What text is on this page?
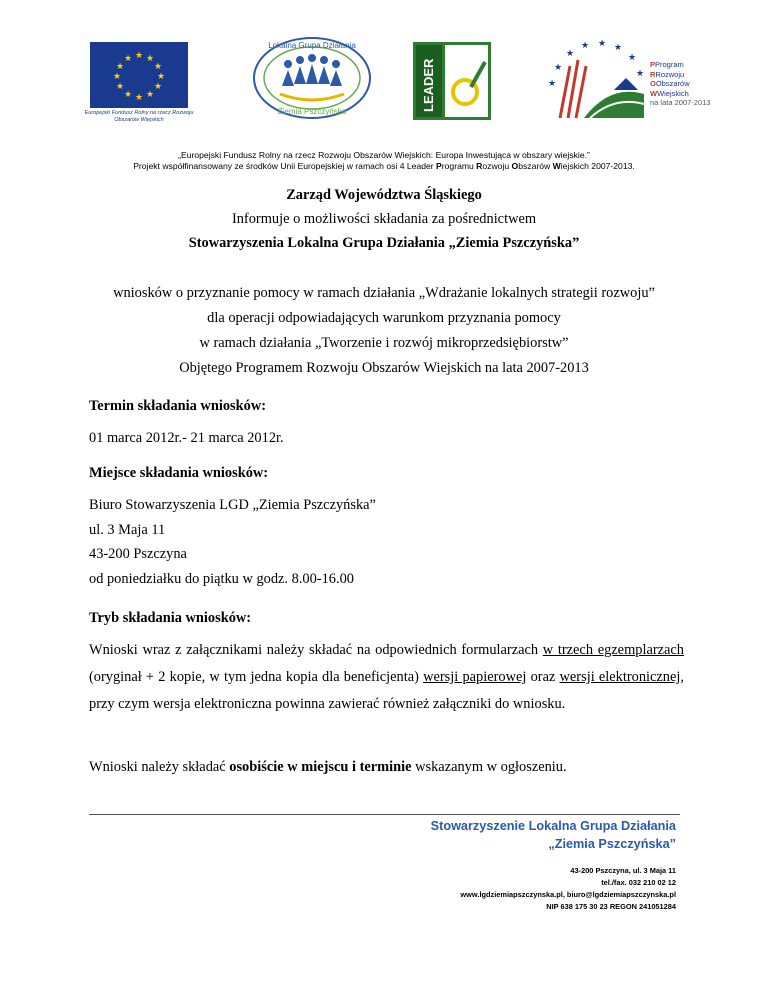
★ ★
★
★
★
★
★
★
★
★
★
★
Europejski Fundusz Rolny na rzecz Rozwoju Obszarów Wiejskich
Lokalna Grupa Działania
Ziemia Pszczyńska	LEADER
★
★ ★ ★
★
★
★
★
PProgram
RRozwoju
OObszarów
WWiejskich
na lata 2007-2013
„Europejski Fundusz Rolny na rzecz Rozwoju Obszarów Wiejskich: Europa Inwestująca w obszary wiejskie.”
Projekt współfinansowany ze środków Unii Europejskiej w ramach osi 4 Leader Programu Rozwoju Obszarów Wiejskich 2007-2013.
Zarząd Województwa Śląskiego
Informuje o możliwości składania za pośrednictwem
Stowarzyszenia Lokalna Grupa Działania „Ziemia Pszczyńska”
wniosków o przyznanie pomocy w ramach działania „Wdrażanie lokalnych strategii rozwoju”
dla operacji odpowiadających warunkom przyznania pomocy
w ramach działania „Tworzenie i rozwój mikroprzedsiębiorstw”
Objętego Programem Rozwoju Obszarów Wiejskich na lata 2007-2013
Termin składania wniosków:
01 marca 2012r.- 21 marca 2012r.
Miejsce składania wniosków:
Biuro Stowarzyszenia LGD „Ziemia Pszczyńska”
ul. 3 Maja 11
43-200 Pszczyna
od poniedziałku do piątku w godz. 8.00-16.00
Tryb składania wniosków:
Wnioski wraz z załącznikami należy składać na odpowiednich formularzach w trzech egzemplarzach (oryginał + 2 kopie, w tym jedna kopia dla beneficjenta) wersji papierowej oraz wersji elektronicznej, przy czym wersja elektroniczna powinna zawierać również załączniki do wniosku.
Wnioski należy składać osobiście w miejscu i terminie wskazanym w ogłoszeniu.
Stowarzyszenie Lokalna Grupa Działania
„Ziemia Pszczyńska”
43-200 Pszczyna, ul. 3 Maja 11
tel./fax. 032 210 02 12
www.lgdziemiapszczynska.pl, biuro@lgdziemiapszczynska.pl
NIP 638 175 30 23 REGON 241051284
